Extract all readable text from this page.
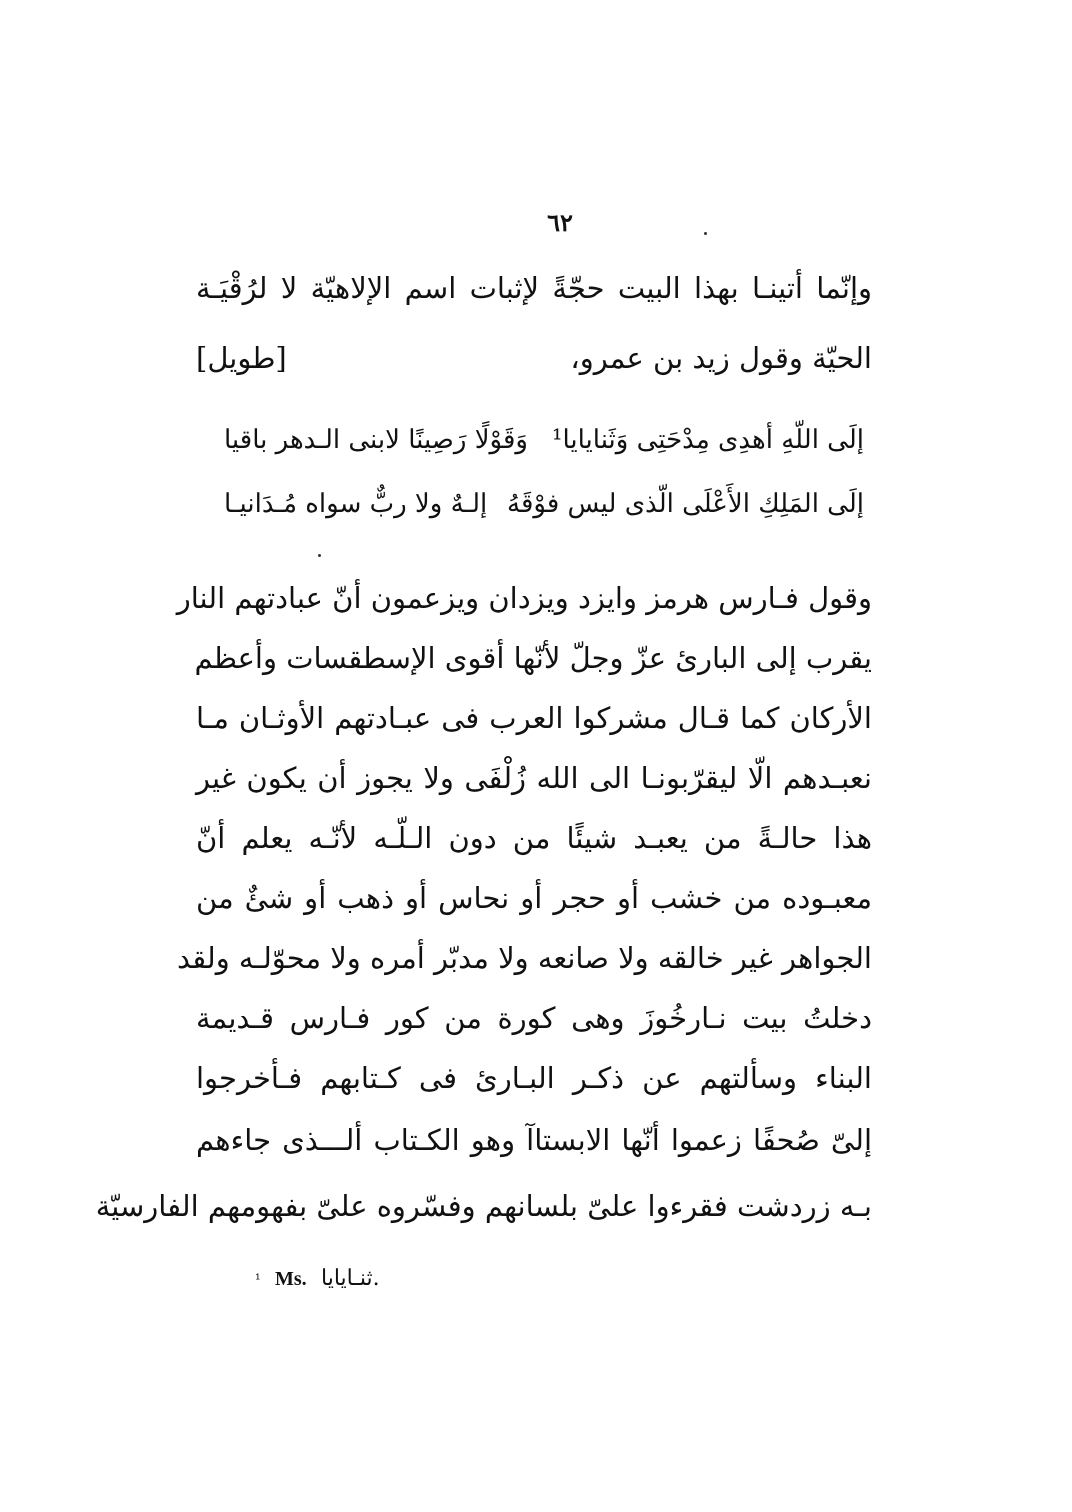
٦٢
وإنّما أتينـا بهذا البيت حجّةً لإثبات اسم الإلاهيّة لا لرُقْيَـة
الحيّة وقول زيد بن عمرو،
[طويل]
إلَى اللّهِ أهدِى مِدْحَتِى وَثَنايايا¹
وَقَوْلًا رَصِينًا لابنى الـدهر باقيا
إلَى المَلِكِ الأَعْلَى الّذى ليس فوْقَهُ
إلـهٌ ولا ربٌّ سواه مُـدَانيـا
وقول فـارس هرمز وايزد ويزدان ويزعمون أنّ عبادتهم النار
يقرب إلى البارئ عزّ وجلّ لأنّها أقوى الإسطقسات وأعظم
الأركان كما قـال مشركوا العرب فى عبـادتهم الأوثـان مـا
نعبـدهم الّا ليقرّبونـا الى الله زُلْفَى ولا يجوز أن يكون غير
هذا حالـةً من يعبـد شيئًا من دون الـلّـه لأنّـه يعلم أنّ
معبـوده من خشب أو حجر أو نحاس أو ذهب أو شئٌ من
الجواهر غير خالقه ولا صانعه ولا مدبّر أمره ولا محوّلـه ولقد
دخلتُ بيت نـارخُوزَ وهى كورة من كور فـارس قـديمة
البناء وسألتهم عن ذكـر البـارئ فى كـتابهم فـأخرجوا
إلىّ صُحفًا زعموا أنّها الابستاآ وهو الكـتاب ألـــذى جاءهم
بـه زردشت فقرءوا علىّ بلسانهم وفسّروه علىّ بفهومهم الفارسيّة
¹ Ms. ثنـايايا.
